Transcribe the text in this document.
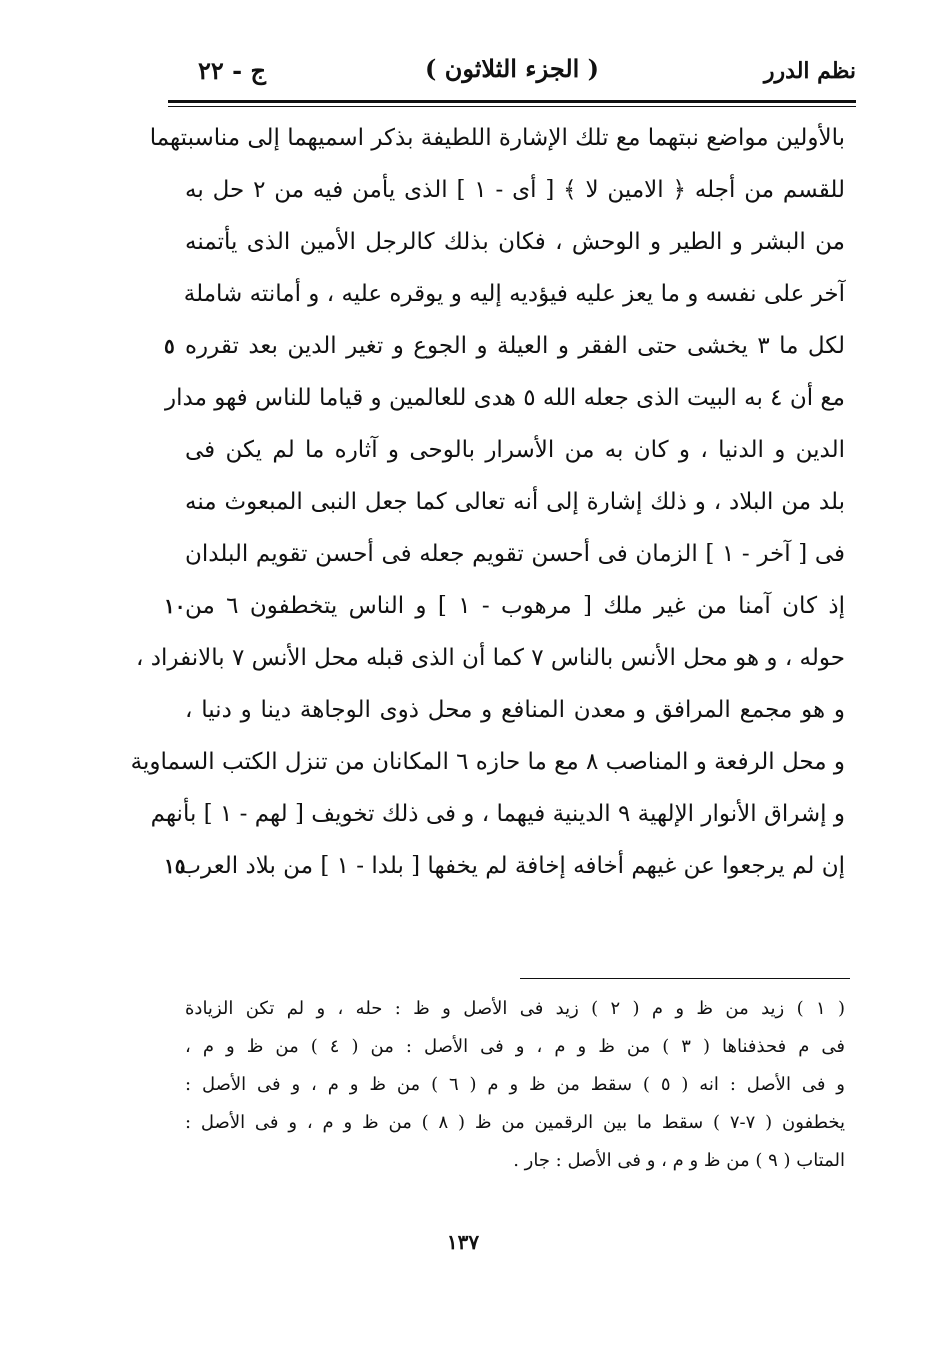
نظم الدرر
( الجزء الثلاثون )
ج - ٢٢
بالأولين مواضع نبتهما مع تلك الإشارة اللطيفة بذكر اسميهما إلى مناسبتهما
للقسم من أجله ﴿ الامين لا ﴾ [ أى - ١ ] الذى يأمن فيه من ٢ حل به
من البشر و الطير و الوحش ، فكان بذلك كالرجل الأمين الذى يأتمنه
آخر على نفسه و ما يعز عليه فيؤديه إليه و يوقره عليه ، و أمانته شاملة
لكل ما ٣ يخشى حتى الفقر و العيلة و الجوع و تغير الدين بعد تقرره
مع أن ٤ به البيت الذى جعله الله ٥ هدى للعالمين و قياما للناس فهو مدار
الدين و الدنيا ، و كان به من الأسرار بالوحى و آثاره ما لم يكن فى
بلد من البلاد ، و ذلك إشارة إلى أنه تعالى كما جعل النبى المبعوث منه
فى [ آخر - ١ ] الزمان فى أحسن تقويم جعله فى أحسن تقويم البلدان
إذ كان آمنا من غير ملك [ مرهوب - ١ ] و الناس يتخطفون ٦ من
حوله ، و هو محل الأنس بالناس ٧ كما أن الذى قبله محل الأنس ٧ بالانفراد ،
و هو مجمع المرافق و معدن المنافع و محل ذوى الوجاهة دينا و دنيا ،
و محل الرفعة و المناصب ٨ مع ما حازه ٦ المكانان من تنزل الكتب السماوية
و إشراق الأنوار الإلهية ٩ الدينية فيهما ، و فى ذلك تخويف [ لهم - ١ ] بأنهم
إن لم يرجعوا عن غيهم أخافه إخافة لم يخفها [ بلدا - ١ ] من بلاد العرب
٥
١٠
١٥
( ١ ) زيد من ظ و م ( ٢ ) زيد فى الأصل و ظ : حله ، و لم تكن الزيادة
فى م فحذفناها ( ٣ ) من ظ و م ، و فى الأصل : من ( ٤ ) من ظ و م ،
و فى الأصل : انه ( ٥ ) سقط من ظ و م ( ٦ ) من ظ و م ، و فى الأصل :
يخطفون ( ٧-٧ ) سقط ما بين الرقمين من ظ ( ٨ ) من ظ و م ، و فى الأصل :
المتاب ( ٩ ) من ظ و م ، و فى الأصل : جار .
١٣٧
